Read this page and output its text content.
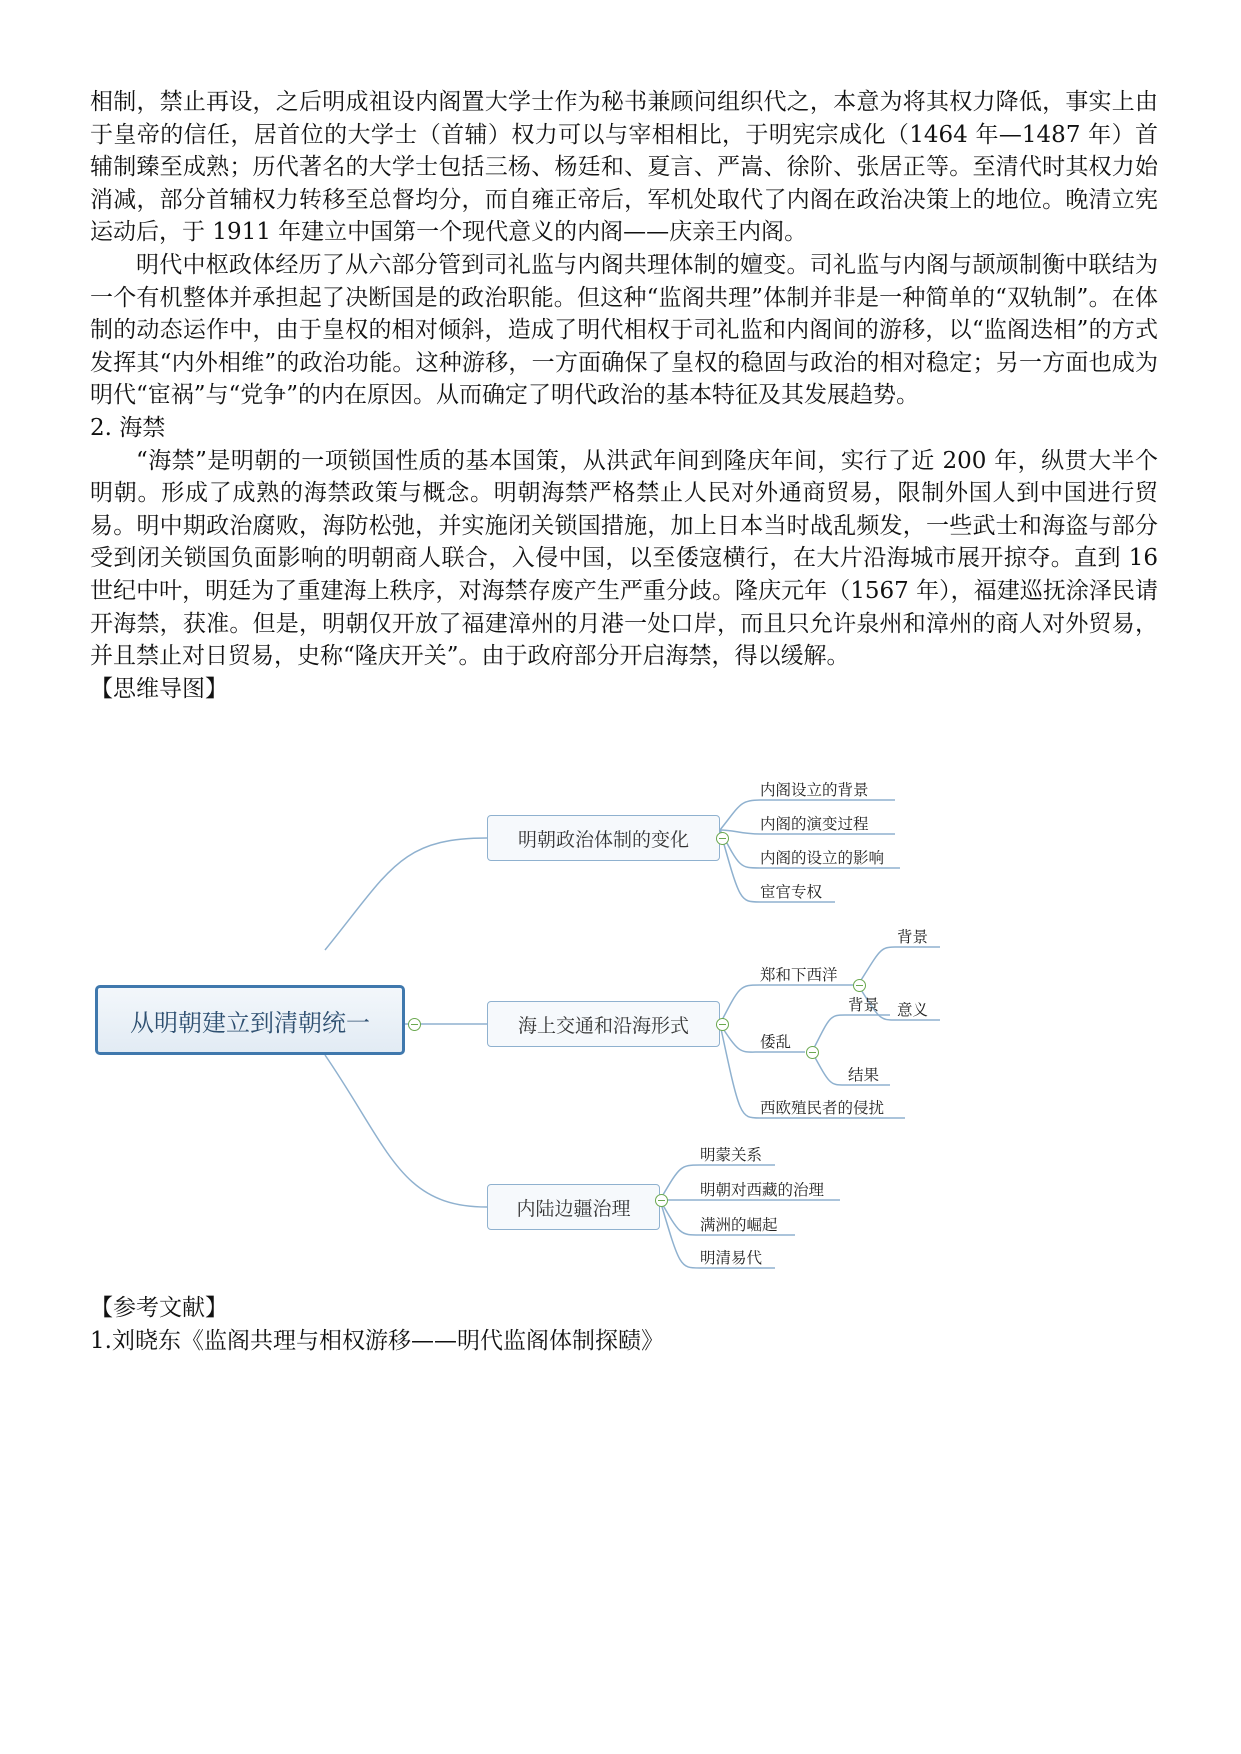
相制，禁止再设，之后明成祖设内阁置大学士作为秘书兼顾问组织代之，本意为将其权力降低，事实上由于皇帝的信任，居首位的大学士（首辅）权力可以与宰相相比，于明宪宗成化（1464 年—1487 年）首辅制臻至成熟；历代著名的大学士包括三杨、杨廷和、夏言、严嵩、徐阶、张居正等。至清代时其权力始消减，部分首辅权力转移至总督均分，而自雍正帝后，军机处取代了内阁在政治决策上的地位。晚清立宪运动后，于 1911 年建立中国第一个现代意义的内阁——庆亲王内阁。

明代中枢政体经历了从六部分管到司礼监与内阁共理体制的嬗变。司礼监与内阁与颉颃制衡中联结为一个有机整体并承担起了决断国是的政治职能。但这种“监阁共理”体制并非是一种简单的“双轨制”。在体制的动态运作中，由于皇权的相对倾斜，造成了明代相权于司礼监和内阁间的游移，以“监阁迭相”的方式发挥其“内外相维”的政治功能。这种游移，一方面确保了皇权的稳固与政治的相对稳定；另一方面也成为明代“宦祸”与“党争”的内在原因。从而确定了明代政治的基本特征及其发展趋势。

2. 海禁

“海禁”是明朝的一项锁国性质的基本国策，从洪武年间到隆庆年间，实行了近 200 年，纵贯大半个明朝。形成了成熟的海禁政策与概念。明朝海禁严格禁止人民对外通商贸易，限制外国人到中国进行贸易。明中期政治腐败，海防松弛，并实施闭关锁国措施，加上日本当时战乱频发，一些武士和海盗与部分受到闭关锁国负面影响的明朝商人联合，入侵中国，以至倭寇横行，在大片沿海城市展开掠夺。直到 16 世纪中叶，明廷为了重建海上秩序，对海禁存废产生严重分歧。隆庆元年（1567 年），福建巡抚涂泽民请开海禁，获准。但是，明朝仅开放了福建漳州的月港一处口岸，而且只允许泉州和漳州的商人对外贸易，并且禁止对日贸易，史称“隆庆开关”。由于政府部分开启海禁，得以缓解。

【思维导图】

从明朝建立到清朝统一
明朝政治体制的变化
内阁设立的背景
内阁的演变过程
内阁的设立的影响
宦官专权
海上交通和沿海形式
郑和下西洋
背景
意义
倭乱
背景
结果
西欧殖民者的侵扰
内陆边疆治理
明蒙关系
明朝对西藏的治理
满洲的崛起
明清易代

【参考文献】

1.刘晓东《监阁共理与相权游移——明代监阁体制探赜》
